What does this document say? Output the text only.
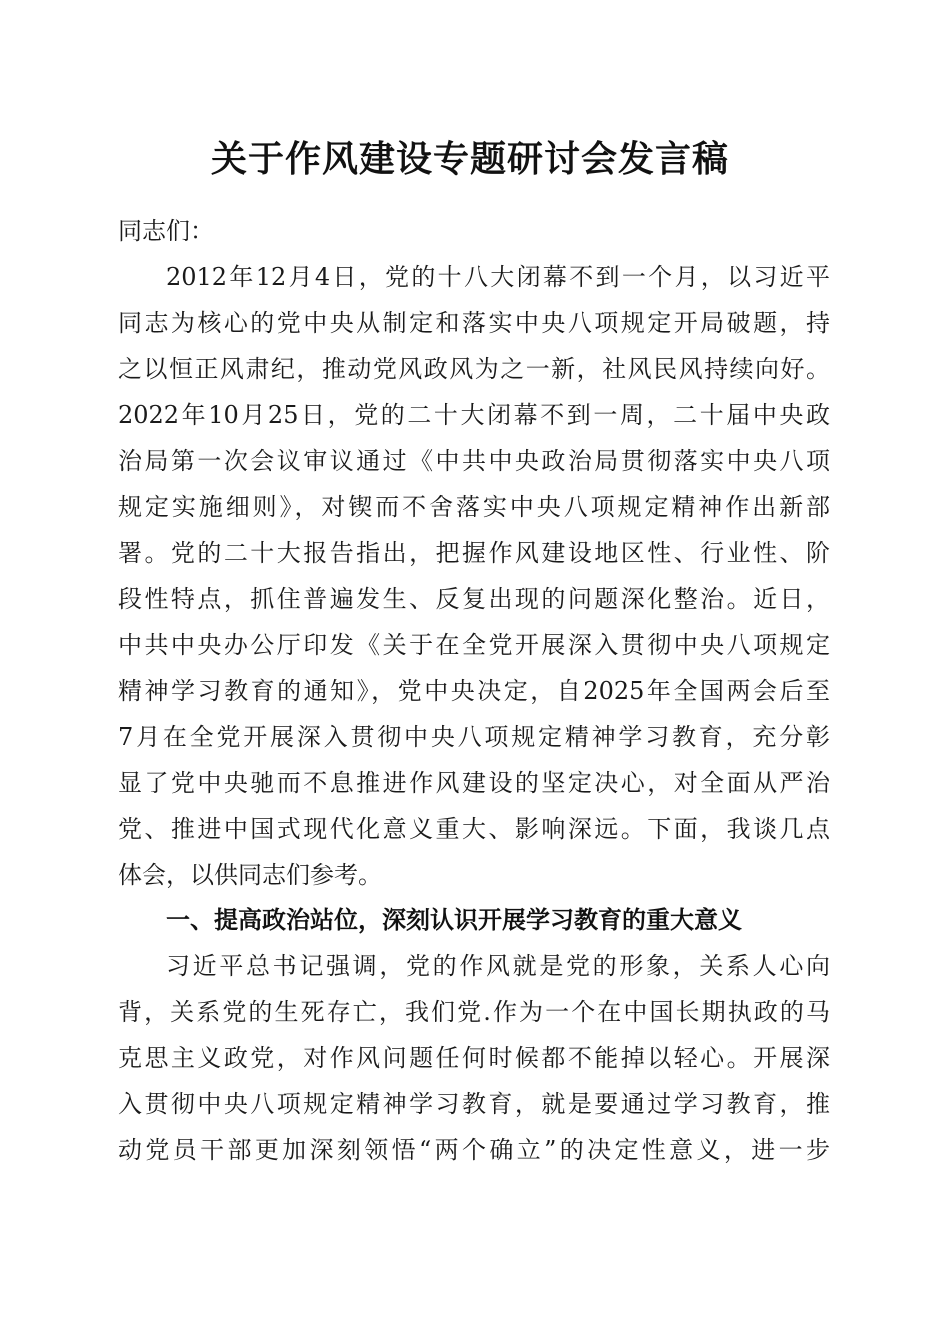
关于作风建设专题研讨会发言稿
同志们：
2012年12月4日，党的十八大闭幕不到一个月，以习近平
同志为核心的党中央从制定和落实中央八项规定开局破题，持
之以恒正风肃纪，推动党风政风为之一新，社风民风持续向好。
2022年10月25日，党的二十大闭幕不到一周，二十届中央政
治局第一次会议审议通过《中共中央政治局贯彻落实中央八项
规定实施细则》，对锲而不舍落实中央八项规定精神作出新部
署。党的二十大报告指出，把握作风建设地区性、行业性、阶
段性特点，抓住普遍发生、反复出现的问题深化整治。近日，
中共中央办公厅印发《关于在全党开展深入贯彻中央八项规定
精神学习教育的通知》，党中央决定，自2025年全国两会后至
7月在全党开展深入贯彻中央八项规定精神学习教育，充分彰
显了党中央驰而不息推进作风建设的坚定决心，对全面从严治
党、推进中国式现代化意义重大、影响深远。下面，我谈几点
体会，以供同志们参考。
一、提高政治站位，深刻认识开展学习教育的重大意义
习近平总书记强调，党的作风就是党的形象，关系人心向
背，关系党的生死存亡，我们党.作为一个在中国长期执政的马
克思主义政党，对作风问题任何时候都不能掉以轻心。开展深
入贯彻中央八项规定精神学习教育，就是要通过学习教育，推
动党员干部更加深刻领悟“两个确立”的决定性意义，进一步
